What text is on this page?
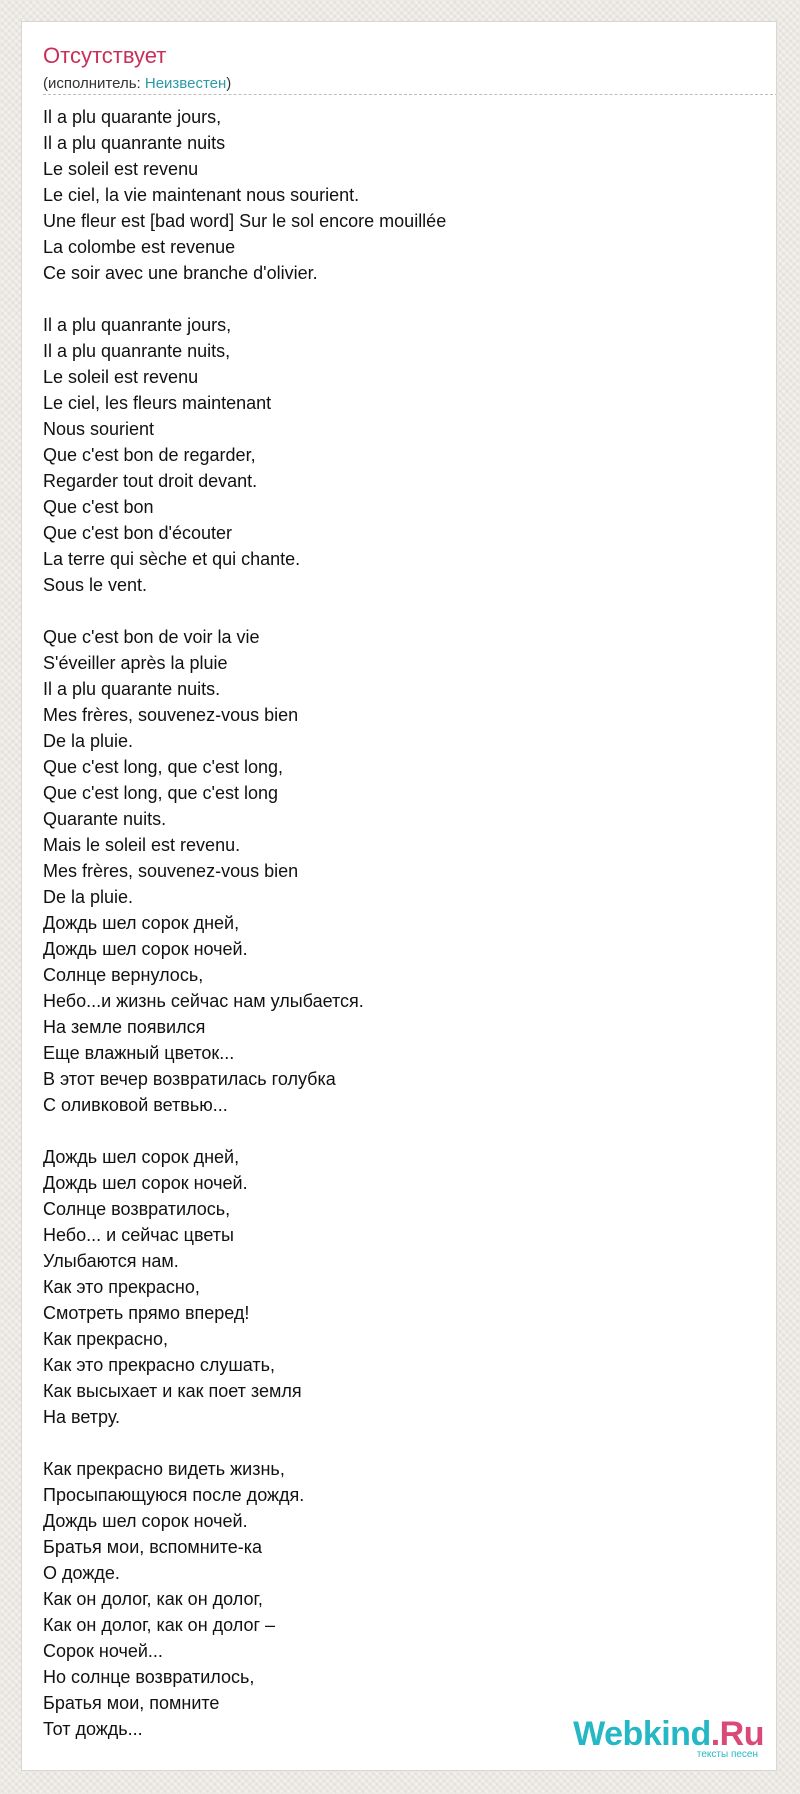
Отсутствует
(исполнитель: Неизвестен)
Il a plu quarante jours,
Il a plu quanrante nuits
Le soleil est revenu
Le ciel, la vie maintenant nous sourient.
Une fleur est [bad word] Sur le sol encore mouillée
La colombe est revenue
Ce soir avec une branche d'olivier.
Il a plu quanrante jours,
Il a plu quanrante nuits,
Le soleil est revenu
Le ciel, les fleurs maintenant
Nous sourient
Que c'est bon de regarder,
Regarder tout droit devant.
Que c'est bon
Que c'est bon d'écouter
La terre qui sèche et qui chante.
Sous le vent.
Que c'est bon de voir la vie
S'éveiller après la pluie
Il a plu quarante nuits.
Mes frères, souvenez-vous bien
De la pluie.
Que c'est long, que c'est long,
Que c'est long, que c'est long
Quarante nuits.
Mais le soleil est revenu.
Mes frères, souvenez-vous bien
De la pluie.
Дождь шел сорок дней,
Дождь шел сорок ночей.
Солнце вернулось,
Небо...и жизнь сейчас нам улыбается.
На земле появился
Еще влажный цветок...
В этот вечер возвратилась голубка
С оливковой ветвью...
Дождь шел сорок дней,
Дождь шел сорок ночей.
Солнце возвратилось,
Небо... и сейчас цветы
Улыбаются нам.
Как это прекрасно,
Смотреть прямо вперед!
Как прекрасно,
Как это прекрасно слушать,
Как высыхает и как поет земля
На ветру.
Как прекрасно видеть жизнь,
Просыпающуюся после дождя.
Дождь шел сорок ночей.
Братья мои, вспомните-ка
О дожде.
Как он долог, как он долог,
Как он долог, как он долог –
Сорок ночей...
Но солнце возвратилось,
Братья мои, помните
Тот дождь...	Webkind.Ru
тексты песен
